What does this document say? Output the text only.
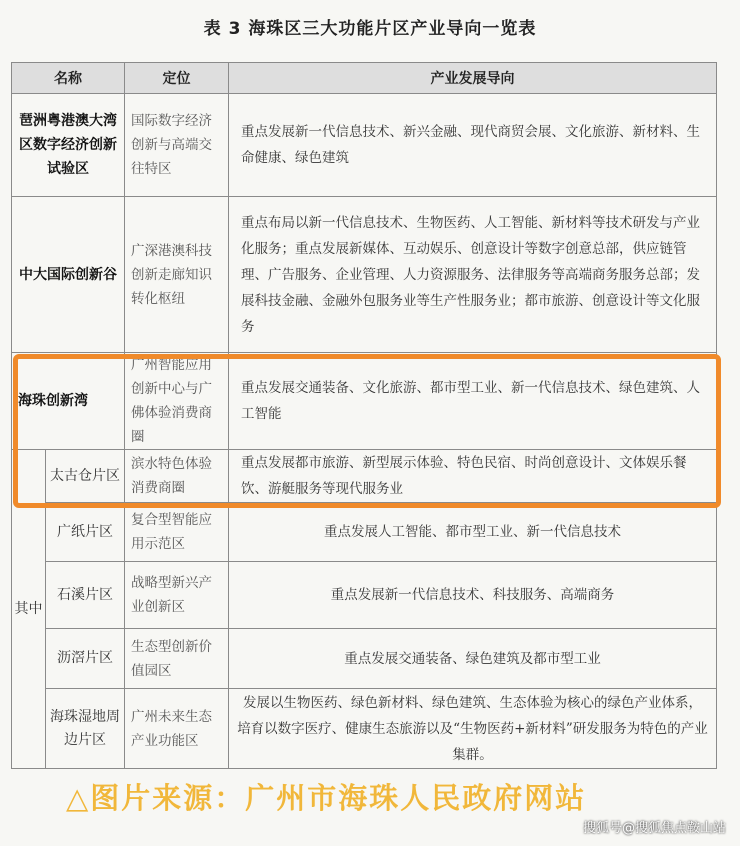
表 3 海珠区三大功能片区产业导向一览表
名称		定位	产业发展导向
琶洲粤港澳大湾区数字经济创新试验区		国际数字经济创新与高端交往特区	重点发展新一代信息技术、新兴金融、现代商贸会展、文化旅游、新材料、生命健康、绿色建筑
中大国际创新谷		广深港澳科技创新走廊知识转化枢纽	重点布局以新一代信息技术、生物医药、人工智能、新材料等技术研发与产业化服务；重点发展新媒体、互动娱乐、创意设计等数字创意总部，供应链管理、广告服务、企业管理、人力资源服务、法律服务等高端商务服务总部；发展科技金融、金融外包服务业等生产性服务业；都市旅游、创意设计等文化服务
海珠创新湾		广州智能应用创新中心与广佛体验消费商圈	重点发展交通装备、文化旅游、都市型工业、新一代信息技术、绿色建筑、人工智能
其中	太古仓片区	滨水特色体验消费商圈	重点发展都市旅游、新型展示体验、特色民宿、时尚创意设计、文体娱乐餐饮、游艇服务等现代服务业
	广纸片区	复合型智能应用示范区	重点发展人工智能、都市型工业、新一代信息技术
	石溪片区	战略型新兴产业创新区	重点发展新一代信息技术、科技服务、高端商务
	沥滘片区	生态型创新价值园区	重点发展交通装备、绿色建筑及都市型工业
	海珠湿地周边片区	广州未来生态产业功能区	发展以生物医药、绿色新材料、绿色建筑、生态体验为核心的绿色产业体系，培育以数字医疗、健康生态旅游以及“生物医药+新材料”研发服务为特色的产业集群。
△图片来源：广州市海珠人民政府网站
搜狐号@搜狐焦点鞍山站
